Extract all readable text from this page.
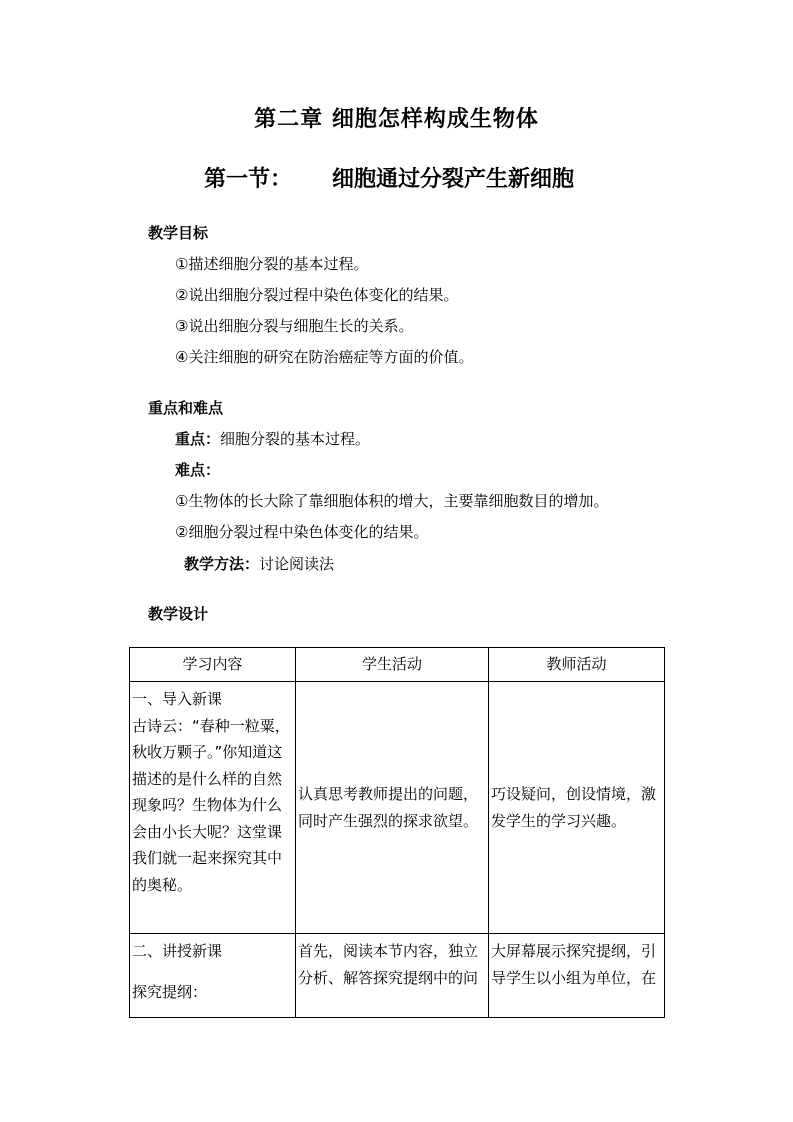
第二章 细胞怎样构成生物体
第一节： 细胞通过分裂产生新细胞
教学目标
①描述细胞分裂的基本过程。
②说出细胞分裂过程中染色体变化的结果。
③说出细胞分裂与细胞生长的关系。
④关注细胞的研究在防治癌症等方面的价值。
重点和难点
重点：细胞分裂的基本过程。
难点：
①生物体的长大除了靠细胞体积的增大，主要靠细胞数目的增加。
②细胞分裂过程中染色体变化的结果。
教学方法：讨论阅读法
教学设计
学习内容	学生活动	教师活动

一、导入新课
古诗云：“春种一粒粟，秋收万颗子。”你知道这描述的是什么样的自然现象吗？生物体为什么会由小长大呢？这堂课我们就一起来探究其中的奥秘。	认真思考教师提出的问题，同时产生强烈的探求欲望。	巧设疑问，创设情境，激发学生的学习兴趣。

二、讲授新课
探究提纲：	首先，阅读本节内容，独立分析、解答探究提纲中的问	大屏幕展示探究提纲，引导学生以小组为单位，在
